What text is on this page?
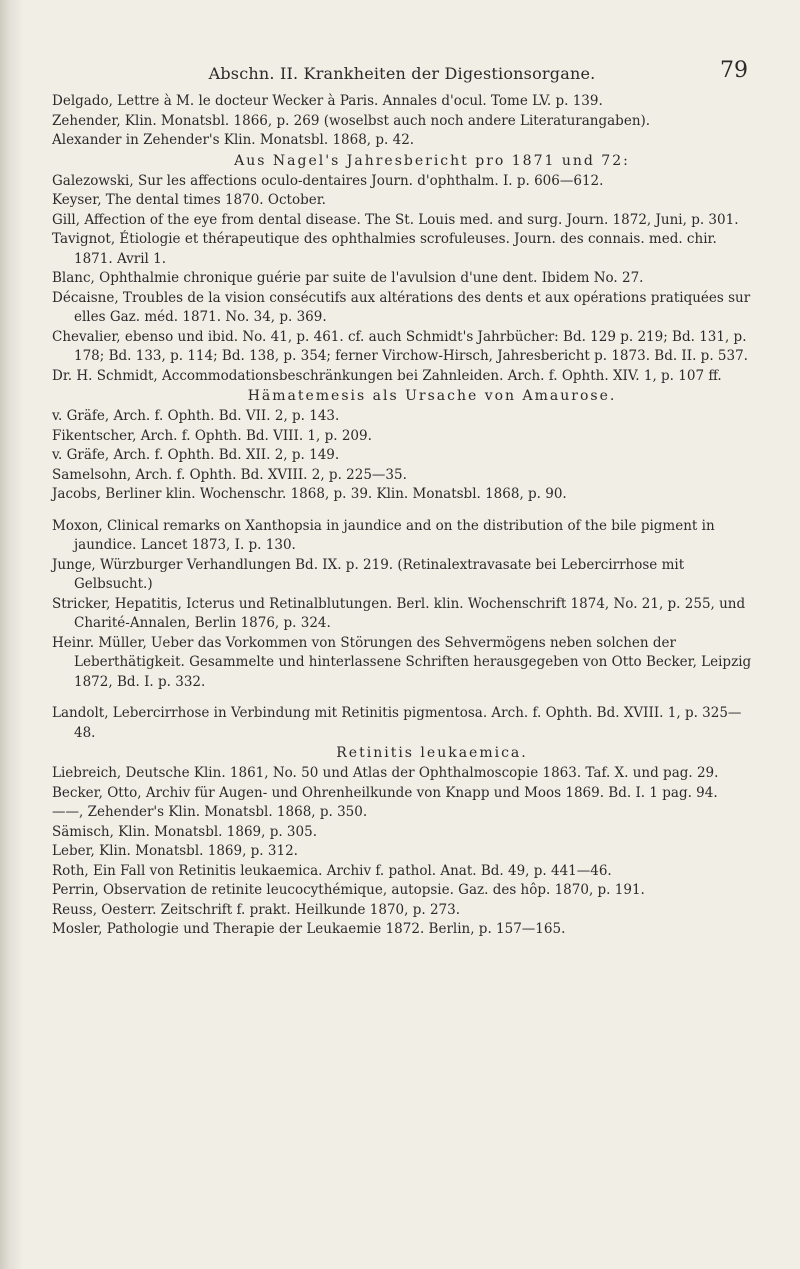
Abschn. II. Krankheiten der Digestionsorgane.	79
Delgado, Lettre à M. le docteur Wecker à Paris. Annales d'ocul. Tome LV. p. 139.
Zehender, Klin. Monatsbl. 1866, p. 269 (woselbst auch noch andere Literaturangaben).
Alexander in Zehender's Klin. Monatsbl. 1868, p. 42.
Aus Nagel's Jahresbericht pro 1871 und 72:
Galezowski, Sur les affections oculo-dentaires Journ. d'ophthalm. I. p. 606—612.
Keyser, The dental times 1870. October.
Gill, Affection of the eye from dental disease. The St. Louis med. and surg. Journ. 1872, Juni, p. 301.
Tavignot, Étiologie et thérapeutique des ophthalmies scrofuleuses. Journ. des connais. med. chir. 1871. Avril 1.
Blanc, Ophthalmie chronique guérie par suite de l'avulsion d'une dent. Ibidem No. 27.
Décaisne, Troubles de la vision consécutifs aux altérations des dents et aux opérations pratiquées sur elles Gaz. méd. 1871. No. 34, p. 369.
Chevalier, ebenso und ibid. No. 41, p. 461. cf. auch Schmidt's Jahrbücher: Bd. 129 p. 219; Bd. 131, p. 178; Bd. 133, p. 114; Bd. 138, p. 354; ferner Virchow-Hirsch, Jahresbericht p. 1873. Bd. II. p. 537.
Dr. H. Schmidt, Accommodationsbeschränkungen bei Zahnleiden. Arch. f. Ophth. XIV. 1, p. 107 ff.
Hämatemesis als Ursache von Amaurose.
v. Gräfe, Arch. f. Ophth. Bd. VII. 2, p. 143.
Fikentscher, Arch. f. Ophth. Bd. VIII. 1, p. 209.
v. Gräfe, Arch. f. Ophth. Bd. XII. 2, p. 149.
Samelsohn, Arch. f. Ophth. Bd. XVIII. 2, p. 225—35.
Jacobs, Berliner klin. Wochenschr. 1868, p. 39. Klin. Monatsbl. 1868, p. 90.
Moxon, Clinical remarks on Xanthopsia in jaundice and on the distribution of the bile pigment in jaundice. Lancet 1873, I. p. 130.
Junge, Würzburger Verhandlungen Bd. IX. p. 219. (Retinalextravasate bei Lebercirrhose mit Gelbsucht.)
Stricker, Hepatitis, Icterus und Retinalblutungen. Berl. klin. Wochenschrift 1874, No. 21, p. 255, und Charité-Annalen, Berlin 1876, p. 324.
Heinr. Müller, Ueber das Vorkommen von Störungen des Sehvermögens neben solchen der Leberthätigkeit. Gesammelte und hinterlassene Schriften herausgegeben von Otto Becker, Leipzig 1872, Bd. I. p. 332.
Landolt, Lebercirrhose in Verbindung mit Retinitis pigmentosa. Arch. f. Ophth. Bd. XVIII. 1, p. 325—48.
Retinitis leukaemica.
Liebreich, Deutsche Klin. 1861, No. 50 und Atlas der Ophthalmoscopie 1863. Taf. X. und pag. 29.
Becker, Otto, Archiv für Augen- und Ohrenheilkunde von Knapp und Moos 1869. Bd. I. 1 pag. 94.
——, Zehender's Klin. Monatsbl. 1868, p. 350.
Sämisch, Klin. Monatsbl. 1869, p. 305.
Leber, Klin. Monatsbl. 1869, p. 312.
Roth, Ein Fall von Retinitis leukaemica. Archiv f. pathol. Anat. Bd. 49, p. 441—46.
Perrin, Observation de retinite leucocythémique, autopsie. Gaz. des hôp. 1870, p. 191.
Reuss, Oesterr. Zeitschrift f. prakt. Heilkunde 1870, p. 273.
Mosler, Pathologie und Therapie der Leukaemie 1872. Berlin, p. 157—165.
